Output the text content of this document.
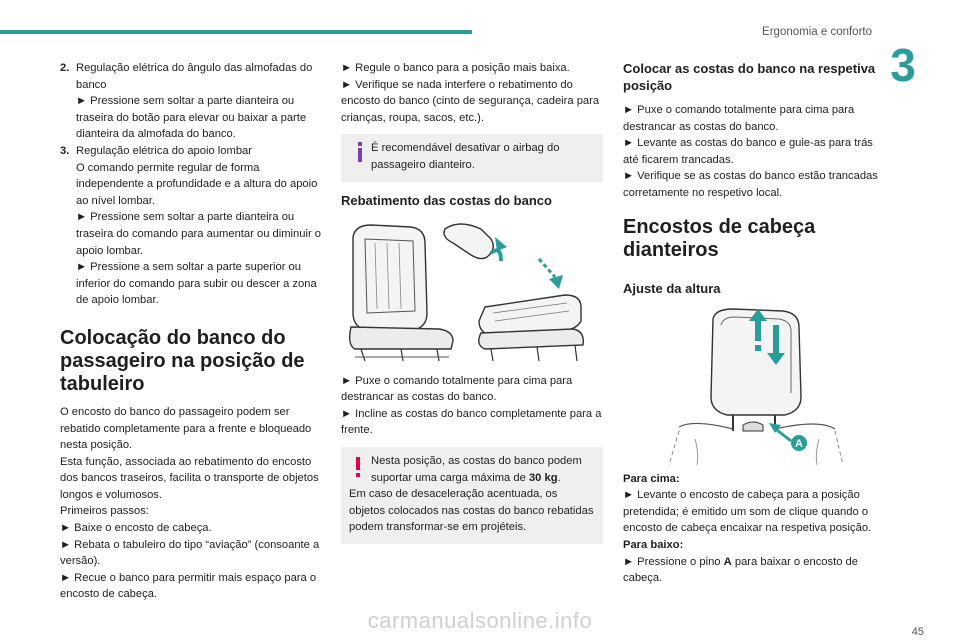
Ergonomia e conforto
3
2. Regulação elétrica do ângulo das almofadas do banco

► Pressione sem soltar a parte dianteira ou traseira do botão para elevar ou baixar a parte dianteira da almofada do banco.

3. Regulação elétrica do apoio lombar

O comando permite regular de forma independente a profundidade e a altura do apoio ao nível lombar.

► Pressione sem soltar a parte dianteira ou traseira do comando para aumentar ou diminuir o apoio lombar.

► Pressione a sem soltar a parte superior ou inferior do comando para subir ou descer a zona de apoio lombar.

Colocação do banco do passageiro na posição de tabuleiro

O encosto do banco do passageiro podem ser rebatido completamente para a frente e bloqueado nesta posição.

Esta função, associada ao rebatimento do encosto dos bancos traseiros, facilita o transporte de objetos longos e volumosos.

Primeiros passos:

► Baixe o encosto de cabeça.

► Rebata o tabuleiro do tipo “aviação” (consoante a versão).

► Recue o banco para permitir mais espaço para o encosto de cabeça.

► Regule o banco para a posição mais baixa.

► Verifique se nada interfere o rebatimento do encosto do banco (cinto de segurança, cadeira para crianças, roupa, sacos, etc.).

É recomendável desativar o airbag do passageiro dianteiro.
Rebatimento das costas do banco

► Puxe o comando totalmente para cima para destrancar as costas do banco.

► Incline as costas do banco completamente para a frente.

Nesta posição, as costas do banco podem suportar uma carga máxima de 30 kg.
Em caso de desaceleração acentuada, os objetos colocados nas costas do banco rebatidas podem transformar-se em projéteis.
Colocar as costas do banco na respetiva posição

► Puxe o comando totalmente para cima para destrancar as costas do banco.

► Levante as costas do banco e guie-as para trás até ficarem trancadas.

► Verifique se as costas do banco estão trancadas corretamente no respetivo local.

Encostos de cabeça dianteiros
Ajuste da altura
A

Para cima:

► Levante o encosto de cabeça para a posição pretendida; é emitido um som de clique quando o encosto de cabeça encaixar na respetiva posição.

Para baixo:

► Pressione o pino A para baixar o encosto de cabeça.

carmanualsonline.info	45
